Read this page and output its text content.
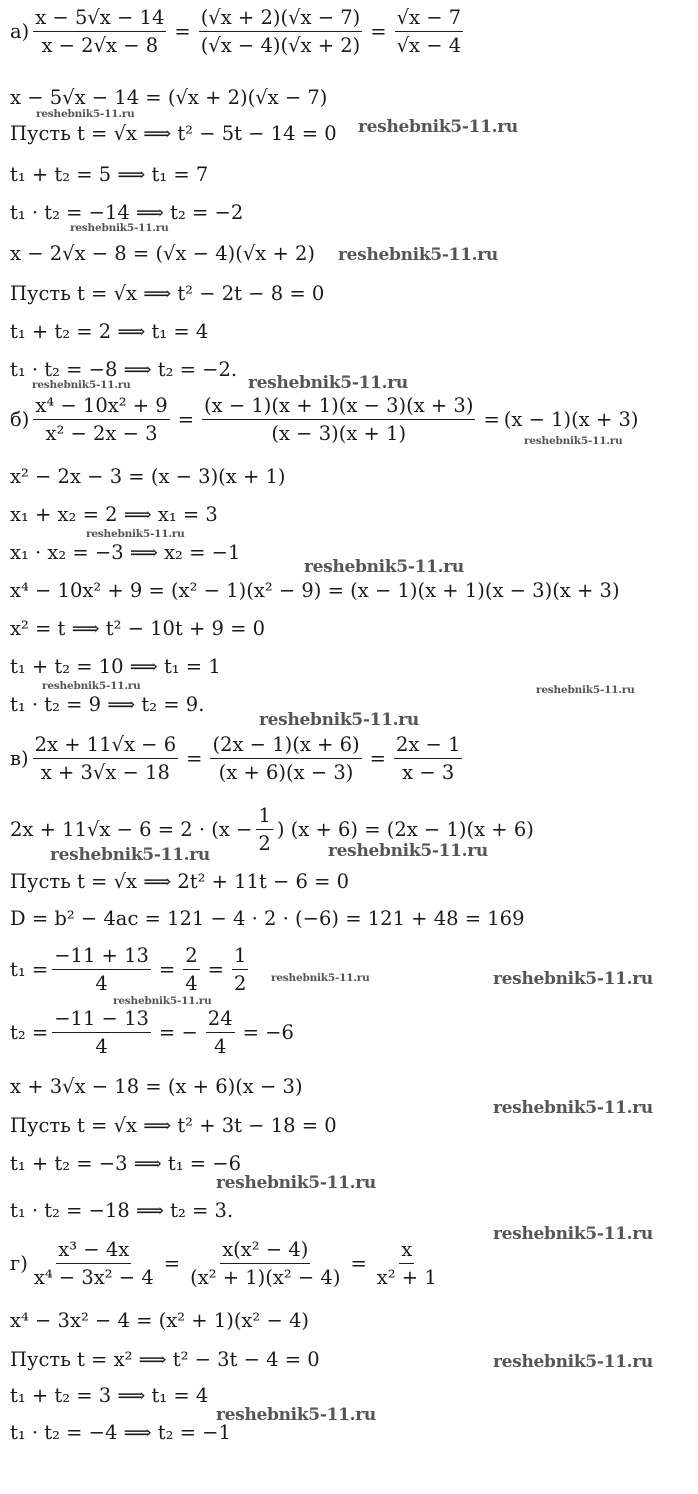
$а) \frac{x - 5√x - 14}{x - 2√x - 8} = \frac{(√x + 2)(√x - 7)}{(√x - 4)(√x + 2)} = \frac{√x - 7}{√x - 4}$
x − 5√x − 14 = (√x + 2)(√x − 7)
Пусть t = √x ⟹ t² − 5t − 14 = 0
t₁ + t₂ = 5 ⟹ t₁ = 7
t₁ · t₂ = −14 ⟹ t₂ = −2
x − 2√x − 8 = (√x − 4)(√x + 2)
Пусть t = √x ⟹ t² − 2t − 8 = 0
t₁ + t₂ = 2 ⟹ t₁ = 4
t₁ · t₂ = −8 ⟹ t₂ = −2.
$б) \frac{\text{x⁴ − 10x² + 9}}{\text{x² − 2x − 3}} = \frac{(x - 1)(x + 1)(x - 3)(x + 3)}{(x - 3)(x + 1)} = (x - 1)(x + 3)$
x² − 2x − 3 = (x − 3)(x + 1)
x₁ + x₂ = 2 ⟹ x₁ = 3
x₁ · x₂ = −3 ⟹ x₂ = −1
x⁴ − 10x² + 9 = (x² − 1)(x² − 9) = (x − 1)(x + 1)(x − 3)(x + 3)
x² = t ⟹ t² − 10t + 9 = 0
t₁ + t₂ = 10 ⟹ t₁ = 1
t₁ · t₂ = 9 ⟹ t₂ = 9.
$в) \frac{2x + 11√x - 6}{x + 3√x - 18} = \frac{(2x - 1)(x + 6)}{(x + 6)(x - 3)} = \frac{2x - 1}{x - 3}$
$2x + 11√x - 6 = 2 \cdot (x - \frac{1}{2}$ ) (x + 6) = (2x − 1)(x + 6)
Пусть t = √x ⟹ 2t² + 11t − 6 = 0
D = b² − 4ac = 121 − 4 · 2 · (−6) = 121 + 48 = 169
$t_1 = \frac{-11 + 13}{4} = \frac{2}{4} = \frac{1}{2}$
$t_2 = \frac{-11 - 13}{4}$ = − $\frac{24}{4} = -6$
x + 3√x − 18 = (x + 6)(x − 3)
Пусть t = √x ⟹ t² + 3t − 18 = 0
t₁ + t₂ = −3 ⟹ t₁ = −6
t₁ · t₂ = −18 ⟹ t₂ = 3.
$г) \frac{\text{x³ − 4x}}{\text{x⁴ − 3x² − 4}} = \frac{\text{x(x² − 4)}}{\text{(x² + 1)(x² − 4)}} = \frac{x}{\text{x² + 1}}$
x⁴ − 3x² − 4 = (x² + 1)(x² − 4)
Пусть t = x² ⟹ t² − 3t − 4 = 0
t₁ + t₂ = 3 ⟹ t₁ = 4
t₁ · t₂ = −4 ⟹ t₂ = −1
reshebnik5-11.ru
reshebnik5-11.ru
reshebnik5-11.ru
reshebnik5-11.ru
reshebnik5-11.ru	reshebnik5-11.ru
reshebnik5-11.ru
reshebnik5-11.ru
reshebnik5-11.ru
reshebnik5-11.ru	reshebnik5-11.ru
reshebnik5-11.ru
reshebnik5-11.ru	reshebnik5-11.ru
reshebnik5-11.ru	reshebnik5-11.ru
reshebnik5-11.ru
reshebnik5-11.ru
reshebnik5-11.ru
reshebnik5-11.ru
reshebnik5-11.ru
reshebnik5-11.ru
